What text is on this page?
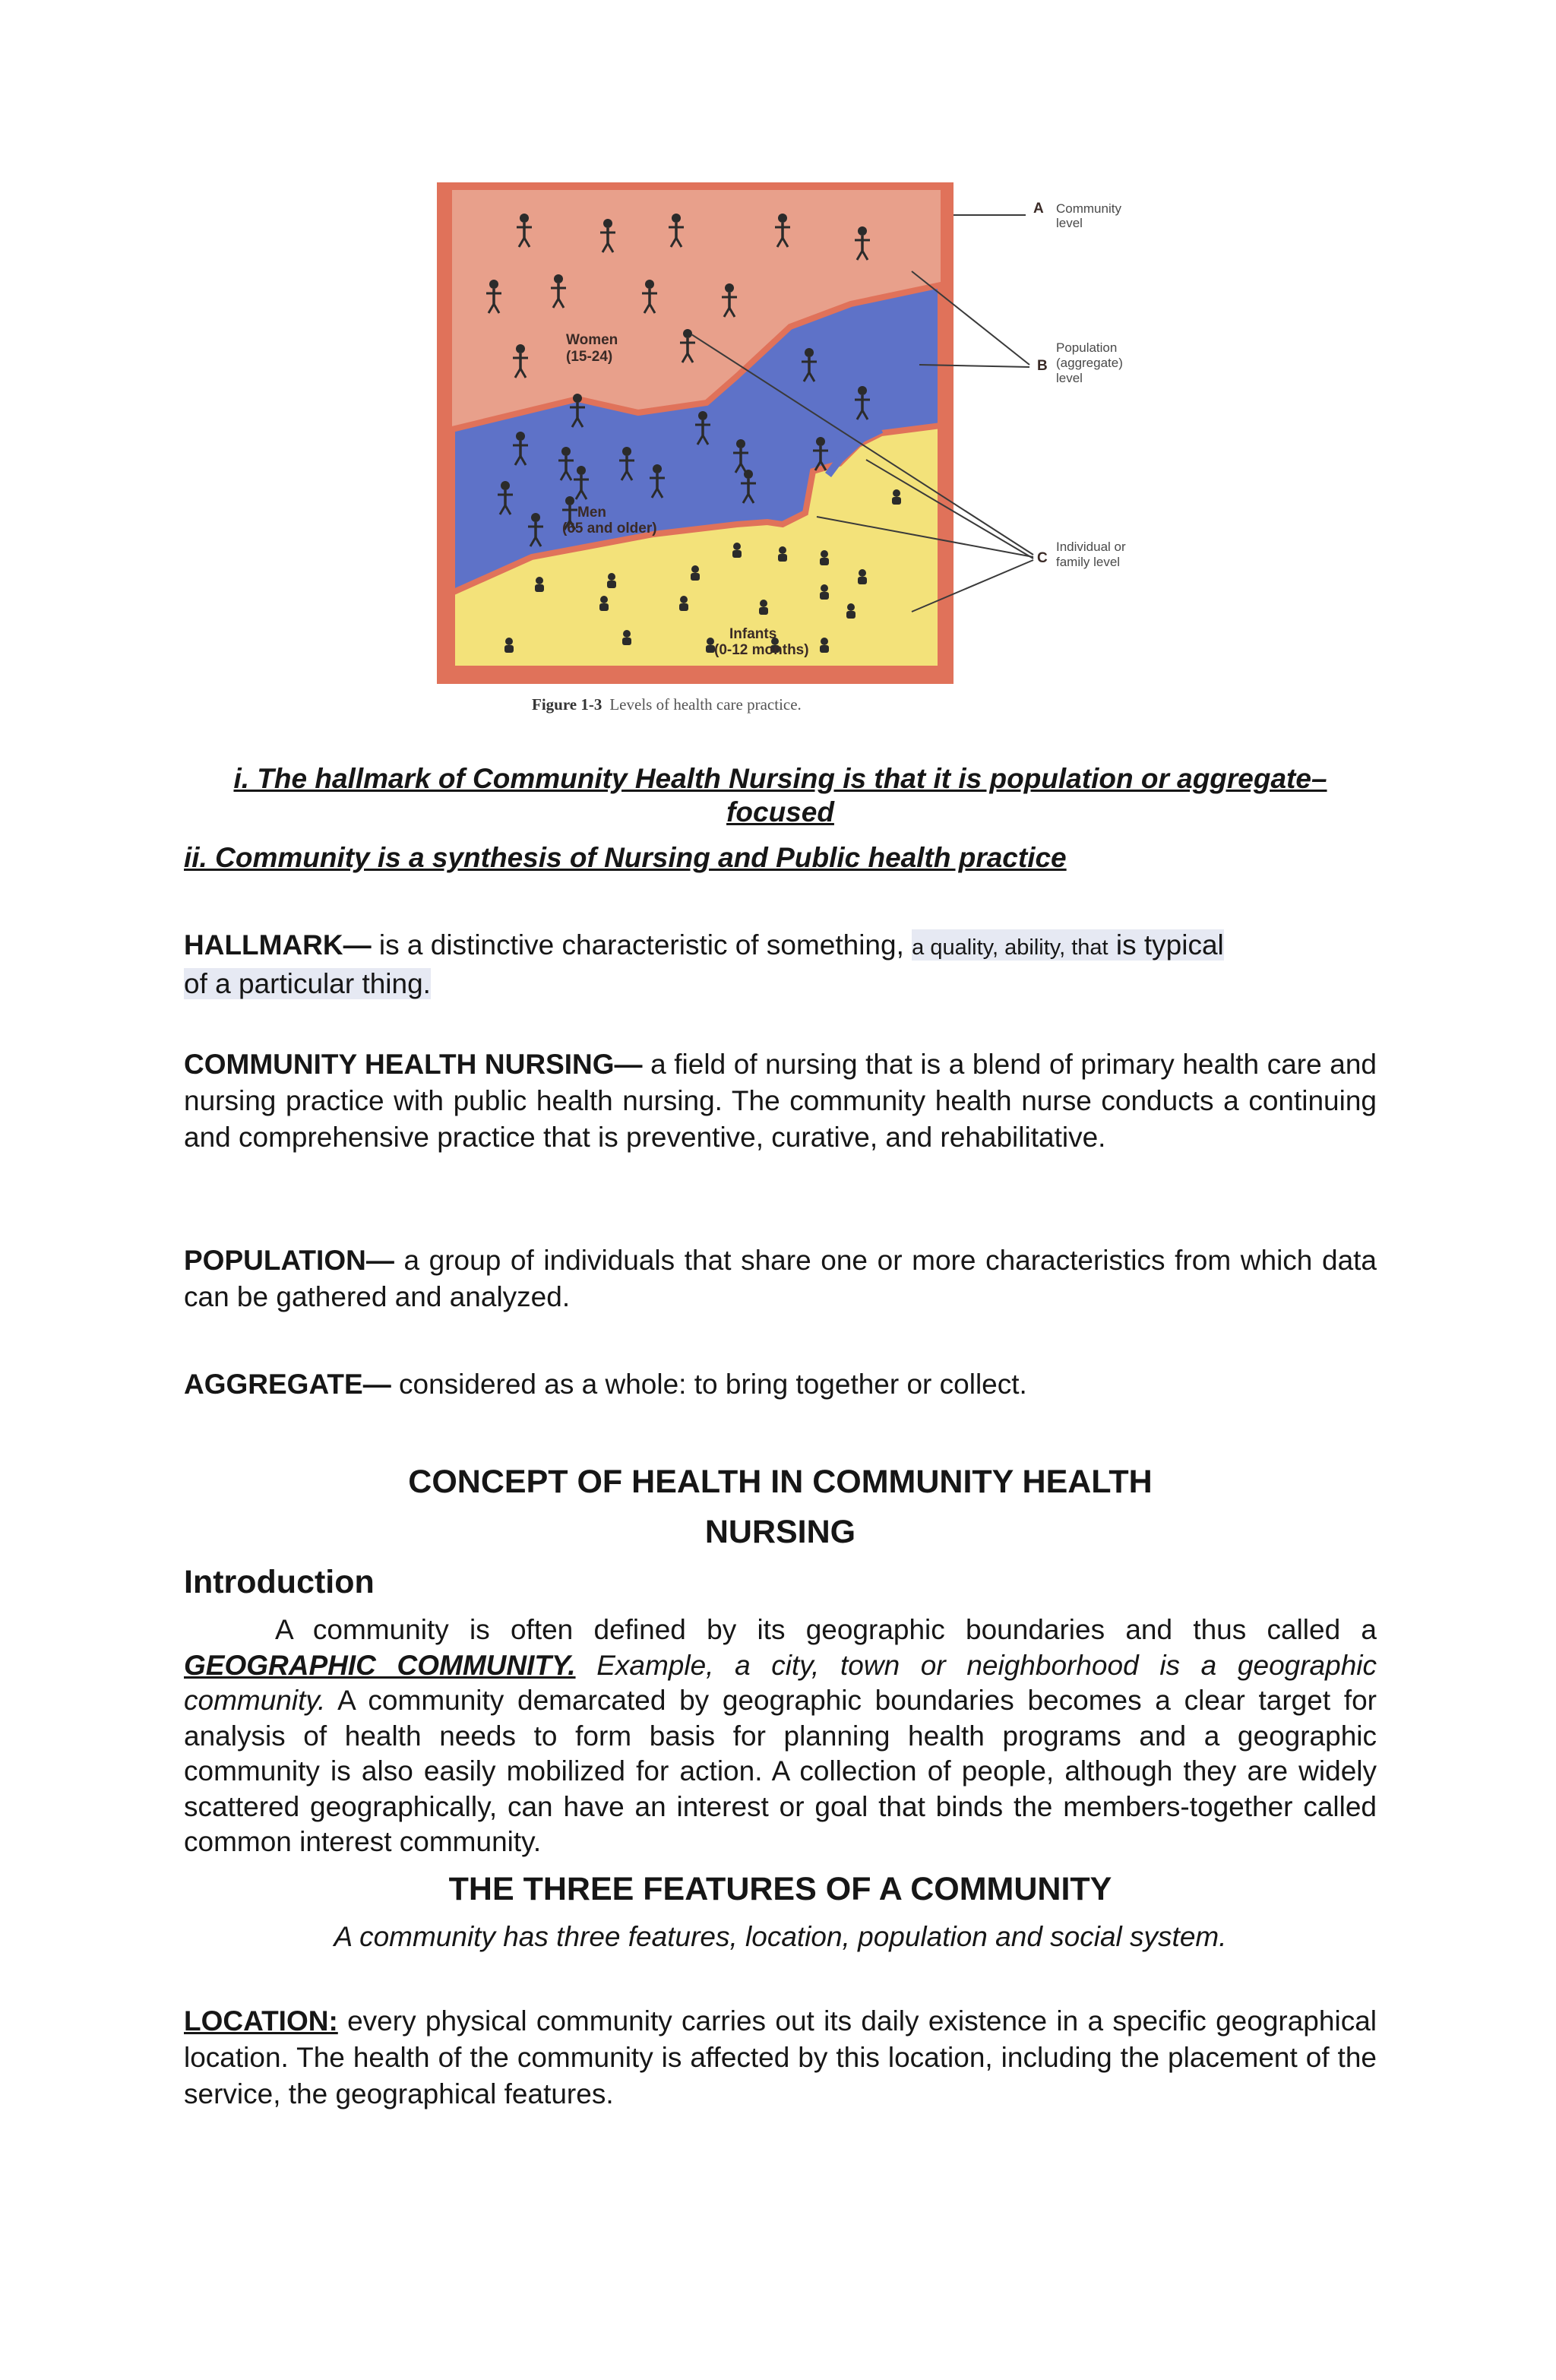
Women
(15-24)
Men
(65 and older)
Infants
(0-12 months)
A Community
level
B
Population
(aggregate)
level
C
Individual or
family level
Figure 1-3 Levels of health care practice.
i. The hallmark of Community Health Nursing is that it is population or aggregate–
focused
ii. Community is a synthesis of Nursing and Public health practice
HALLMARK— is a distinctive characteristic of something, a quality, ability, that is typical
of a particular thing.
COMMUNITY HEALTH NURSING— a field of nursing that is a blend of primary health care and nursing practice with public health nursing. The community health nurse conducts a continuing and comprehensive practice that is preventive, curative, and rehabilitative.
POPULATION— a group of individuals that share one or more characteristics from which data can be gathered and analyzed.
AGGREGATE— considered as a whole: to bring together or collect.
CONCEPT OF HEALTH IN COMMUNITY HEALTH
NURSING
Introduction
A community is often defined by its geographic boundaries and thus called a GEOGRAPHIC COMMUNITY. Example, a city, town or neighborhood is a geographic community. A community demarcated by geographic boundaries becomes a clear target for analysis of health needs to form basis for planning health programs and a geographic community is also easily mobilized for action. A collection of people, although they are widely scattered geographically, can have an interest or goal that binds the members-together called common interest community.
THE THREE FEATURES OF A COMMUNITY
A community has three features, location, population and social system.
LOCATION: every physical community carries out its daily existence in a specific geographical location. The health of the community is affected by this location, including the placement of the service, the geographical features.
